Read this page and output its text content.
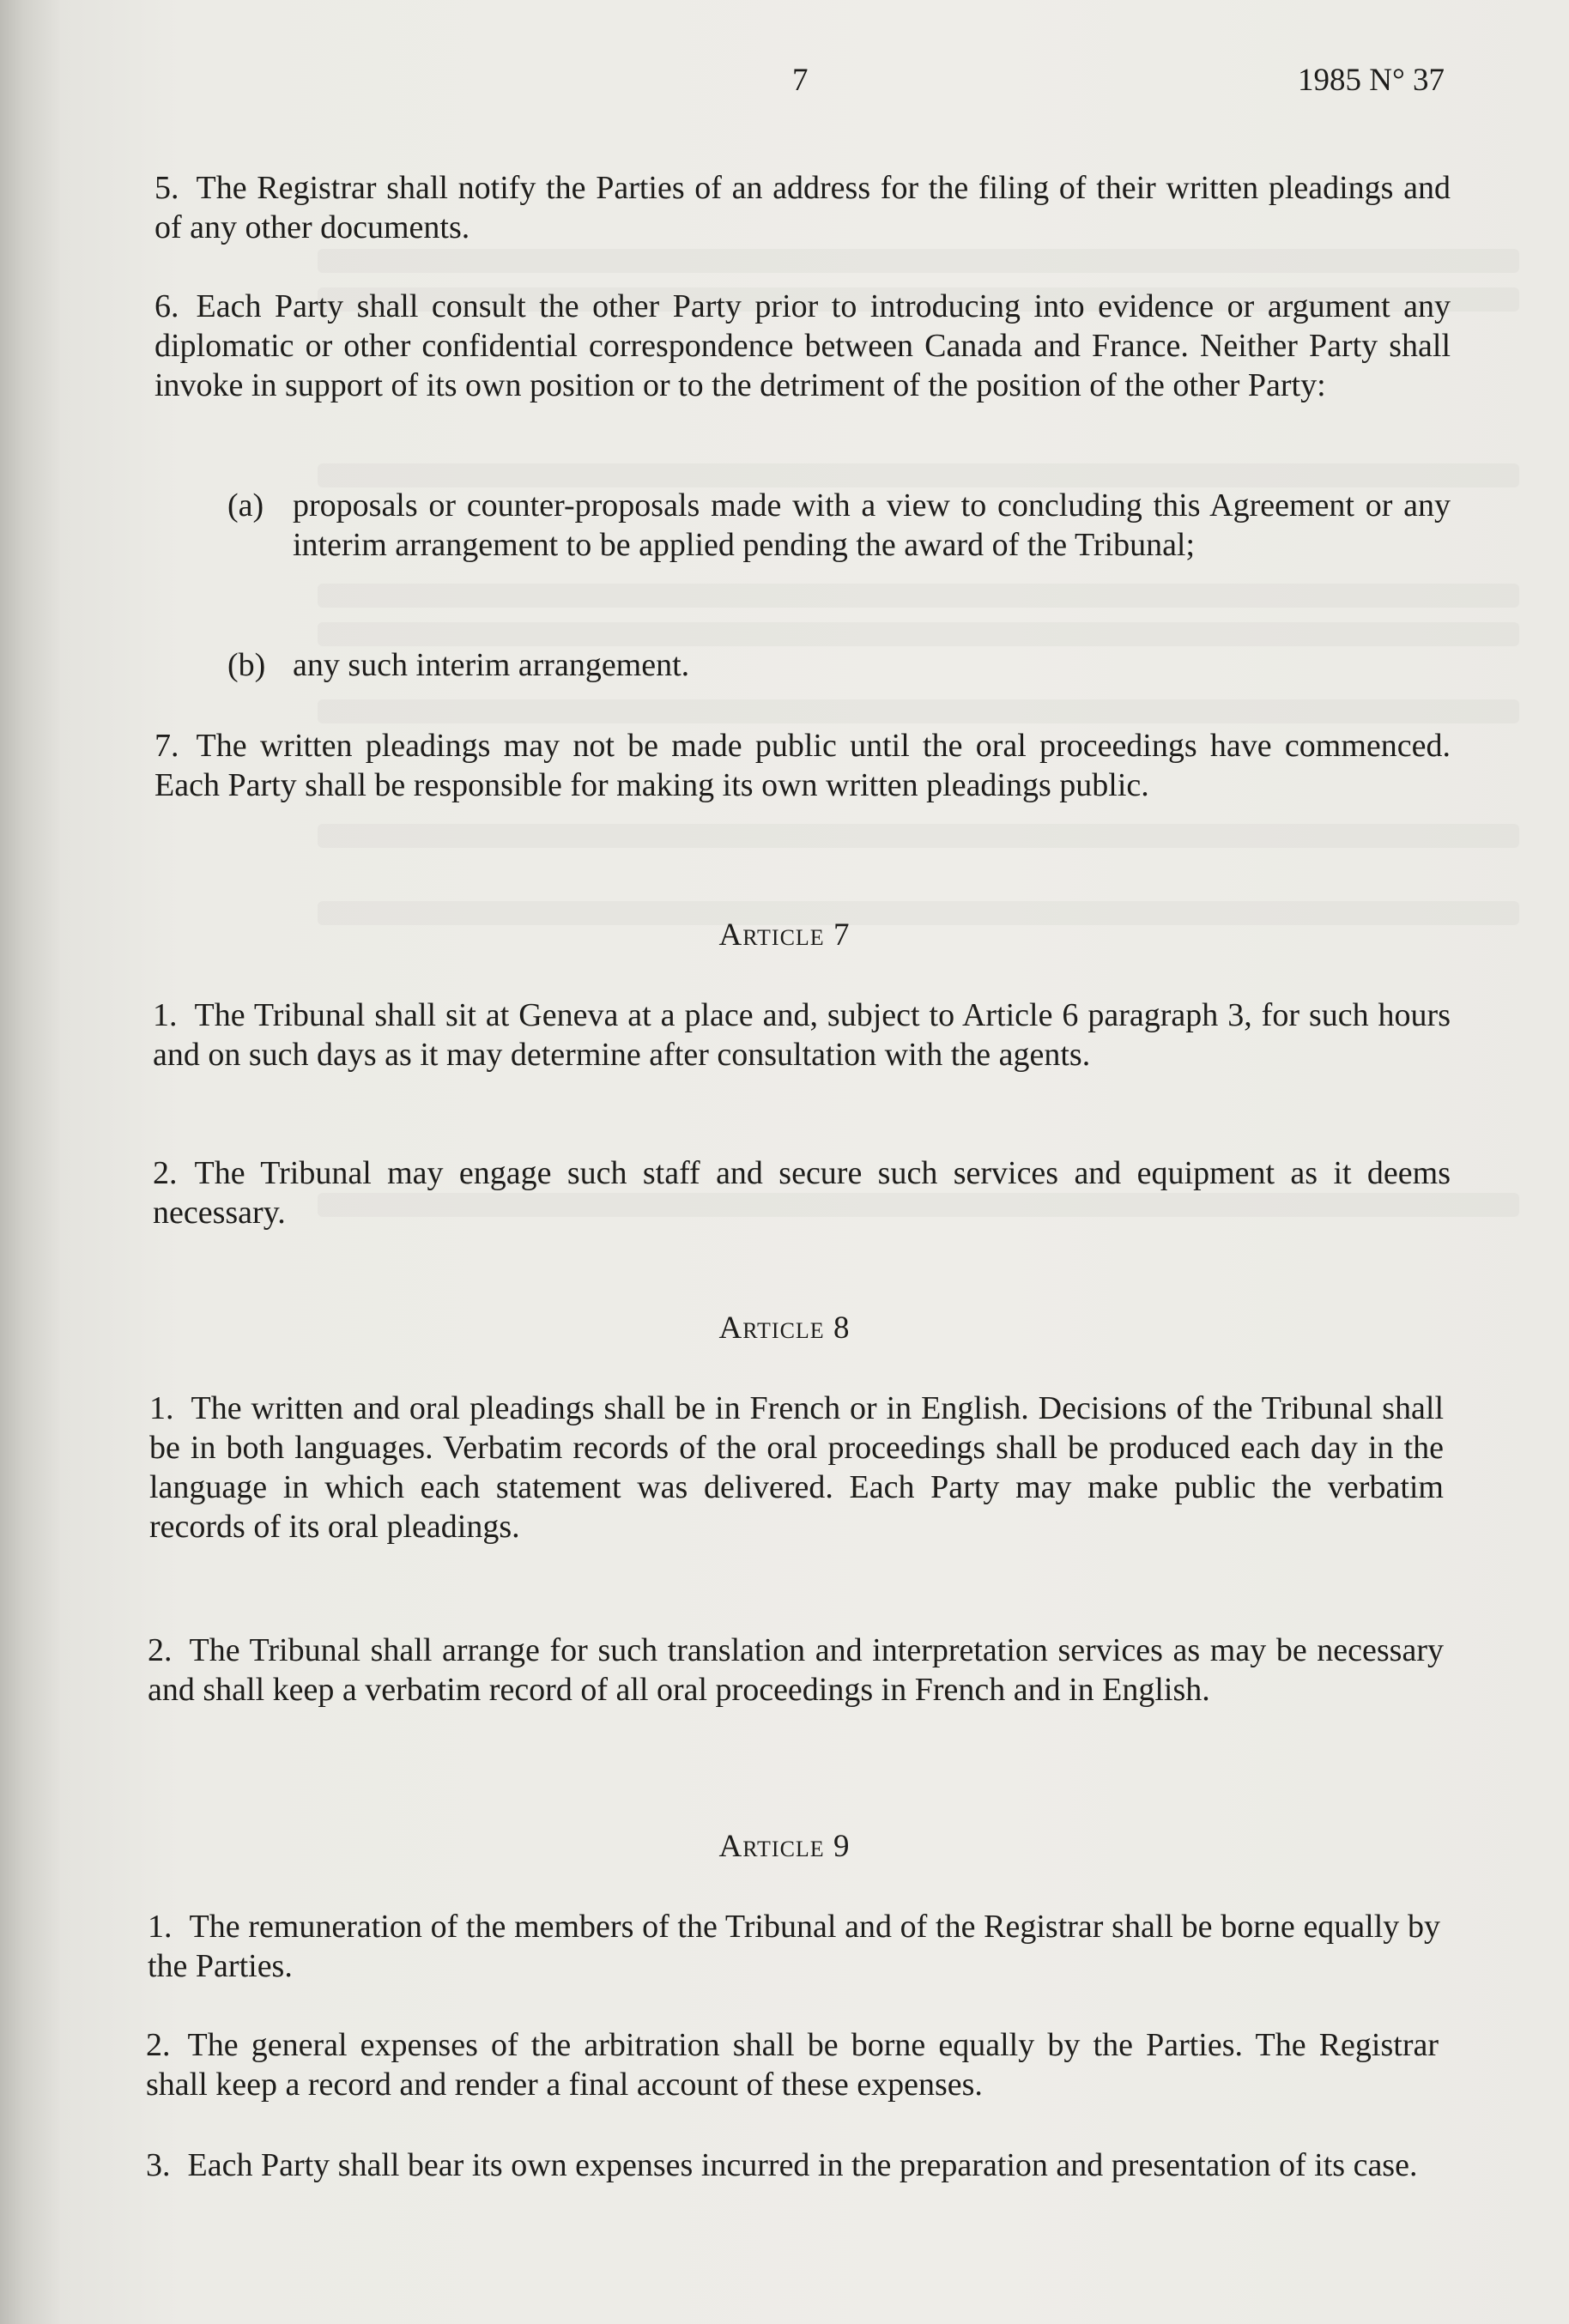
7	1985 N° 37
5. The Registrar shall notify the Parties of an address for the filing of their written pleadings and of any other documents.
6. Each Party shall consult the other Party prior to introducing into evidence or argument any diplomatic or other confidential correspondence between Canada and France. Neither Party shall invoke in support of its own position or to the detriment of the position of the other Party:
(a) proposals or counter-proposals made with a view to concluding this Agreement or any interim arrangement to be applied pending the award of the Tribunal;
(b) any such interim arrangement.
7. The written pleadings may not be made public until the oral proceedings have commenced. Each Party shall be responsible for making its own written pleadings public.
Article 7
1. The Tribunal shall sit at Geneva at a place and, subject to Article 6 paragraph 3, for such hours and on such days as it may determine after consultation with the agents.
2. The Tribunal may engage such staff and secure such services and equipment as it deems necessary.
Article 8
1. The written and oral pleadings shall be in French or in English. Decisions of the Tribunal shall be in both languages. Verbatim records of the oral proceedings shall be produced each day in the language in which each statement was delivered. Each Party may make public the verbatim records of its oral pleadings.
2. The Tribunal shall arrange for such translation and interpretation services as may be necessary and shall keep a verbatim record of all oral proceedings in French and in English.
Article 9
1. The remuneration of the members of the Tribunal and of the Registrar shall be borne equally by the Parties.
2. The general expenses of the arbitration shall be borne equally by the Parties. The Registrar shall keep a record and render a final account of these expenses.
3. Each Party shall bear its own expenses incurred in the preparation and presentation of its case.
